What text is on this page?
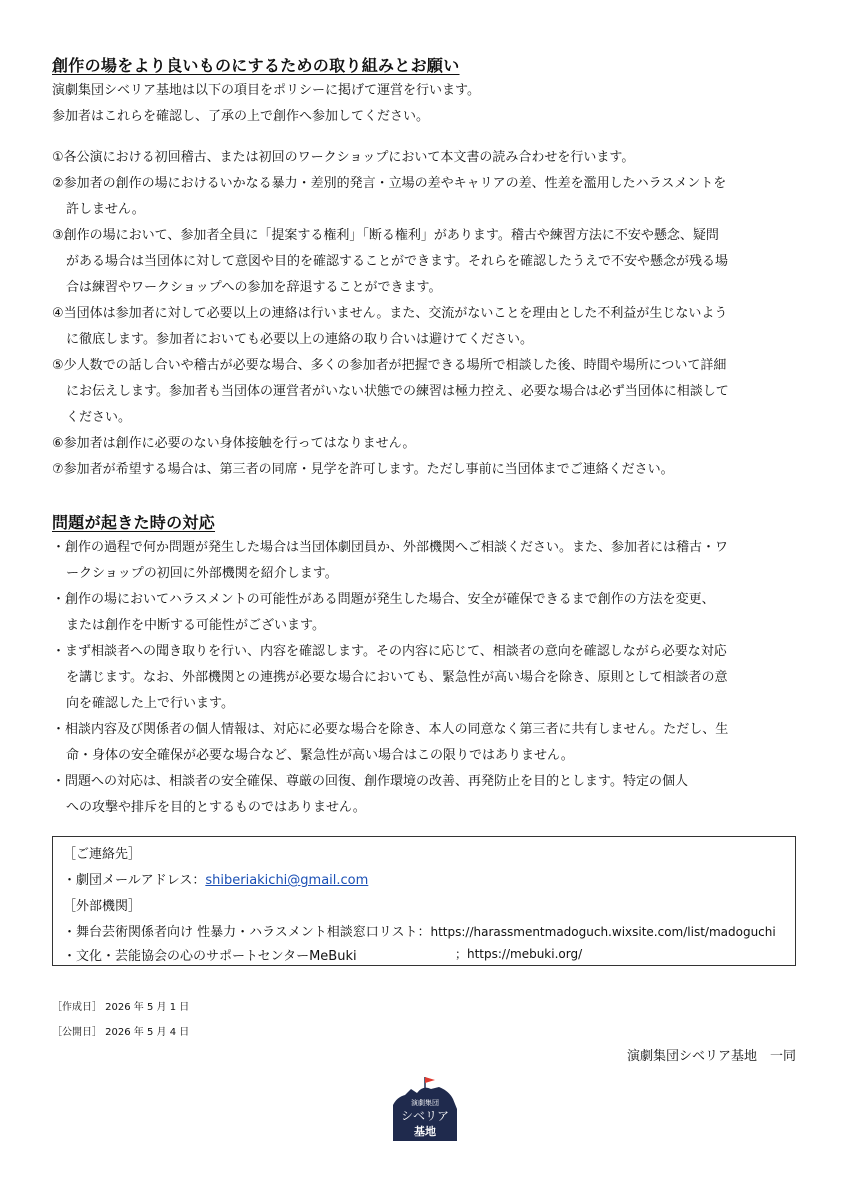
創作の場をより良いものにするための取り組みとお願い
演劇集団シベリア基地は以下の項目をポリシーに掲げて運営を行います。
参加者はこれらを確認し、了承の上で創作へ参加してください。
①各公演における初回稽古、または初回のワークショップにおいて本文書の読み合わせを行います。
②参加者の創作の場におけるいかなる暴力・差別的発言・立場の差やキャリアの差、性差を濫用したハラスメントを
許しません。
③創作の場において、参加者全員に「提案する権利」「断る権利」があります。稽古や練習方法に不安や懸念、疑問
がある場合は当団体に対して意図や目的を確認することができます。それらを確認したうえで不安や懸念が残る場
合は練習やワークショップへの参加を辞退することができます。
④当団体は参加者に対して必要以上の連絡は行いません。また、交流がないことを理由とした不利益が生じないよう
に徹底します。参加者においても必要以上の連絡の取り合いは避けてください。
⑤少人数での話し合いや稽古が必要な場合、多くの参加者が把握できる場所で相談した後、時間や場所について詳細
にお伝えします。参加者も当団体の運営者がいない状態での練習は極力控え、必要な場合は必ず当団体に相談して
ください。
⑥参加者は創作に必要のない身体接触を行ってはなりません。
⑦参加者が希望する場合は、第三者の同席・見学を許可します。ただし事前に当団体までご連絡ください。
問題が起きた時の対応
・創作の過程で何か問題が発生した場合は当団体劇団員か、外部機関へご相談ください。また、参加者には稽古・ワ
ークショップの初回に外部機関を紹介します。
・創作の場においてハラスメントの可能性がある問題が発生した場合、安全が確保できるまで創作の方法を変更、
または創作を中断する可能性がございます。
・まず相談者への聞き取りを行い、内容を確認します。その内容に応じて、相談者の意向を確認しながら必要な対応
を講じます。なお、外部機関との連携が必要な場合においても、緊急性が高い場合を除き、原則として相談者の意
向を確認した上で行います。
・相談内容及び関係者の個人情報は、対応に必要な場合を除き、本人の同意なく第三者に共有しません。ただし、生
命・身体の安全確保が必要な場合など、緊急性が高い場合はこの限りではありません。
・問題への対応は、相談者の安全確保、尊厳の回復、創作環境の改善、再発防止を目的とします。特定の個人
への攻撃や排斥を目的とするものではありません。
［ご連絡先］
・劇団メールアドレス：shiberiakichi@gmail.com
［外部機関］
・舞台芸術関係者向け 性暴力・ハラスメント相談窓口リスト：https://harassmentmadoguch.wixsite.com/list/madoguchi
・文化・芸能協会の心のサポートセンターMeBuki	；https://mebuki.org/
［作成日］ 2026 年 5 月 1 日
［公開日］ 2026 年 5 月 4 日
演劇集団シベリア基地　一同
演劇集団
シベリア
基地
